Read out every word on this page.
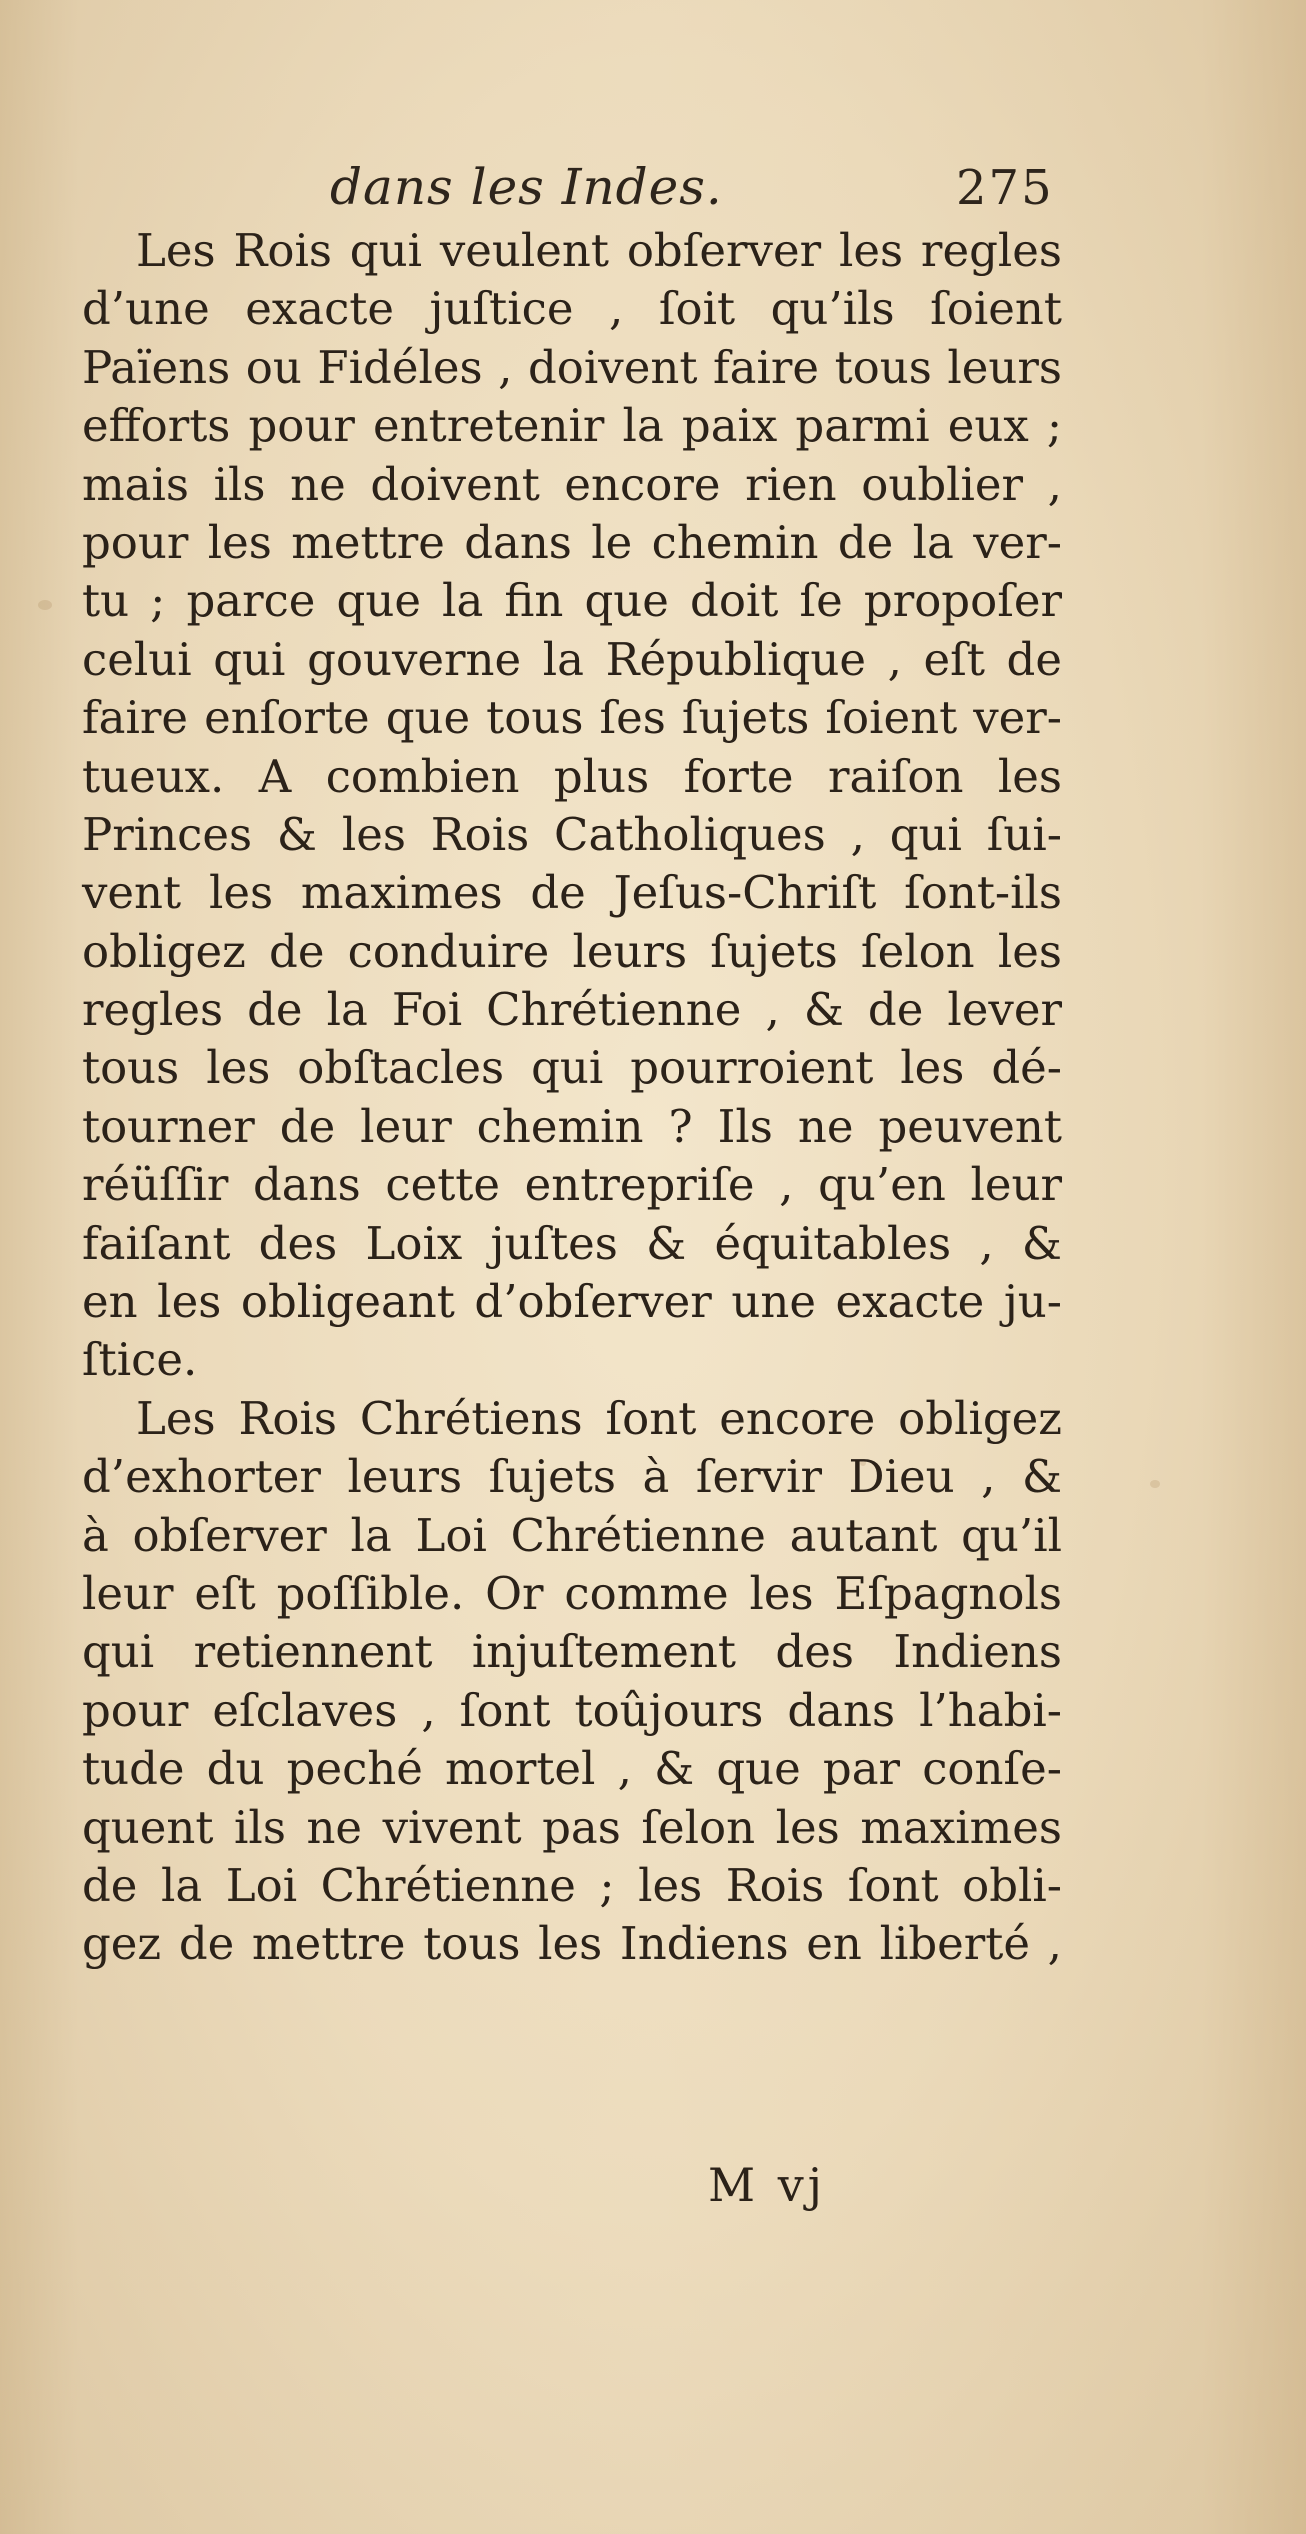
dans les Indes.	275
Les Rois qui veulent obſerver les regles
d’une exacte juſtice , ſoit qu’ils ſoient
Païens ou Fidéles , doivent faire tous leurs
efforts pour entretenir la paix parmi eux ;
mais ils ne doivent encore rien oublier ,
pour les mettre dans le chemin de la ver-
tu ; parce que la fin que doit ſe propoſer
celui qui gouverne la République , eſt de
faire enſorte que tous ſes ſujets ſoient ver-
tueux. A combien plus forte raiſon les
Princes & les Rois Catholiques , qui ſui-
vent les maximes de Jeſus-Chriſt ſont-ils
obligez de conduire leurs ſujets ſelon les
regles de la Foi Chrétienne , & de lever
tous les obſtacles qui pourroient les dé-
tourner de leur chemin ? Ils ne peuvent
réüſſir dans cette entrepriſe , qu’en leur
faiſant des Loix juſtes & équitables , &
en les obligeant d’obſerver une exacte ju-
ſtice.
Les Rois Chrétiens ſont encore obligez
d’exhorter leurs ſujets à ſervir Dieu , &
à obſerver la Loi Chrétienne autant qu’il
leur eſt poſſible. Or comme les Eſpagnols
qui retiennent injuſtement des Indiens
pour eſclaves , ſont toûjours dans l’habi-
tude du peché mortel , & que par conſe-
quent ils ne vivent pas ſelon les maximes
de la Loi Chrétienne ; les Rois ſont obli-
gez de mettre tous les Indiens en liberté ,
M vj
